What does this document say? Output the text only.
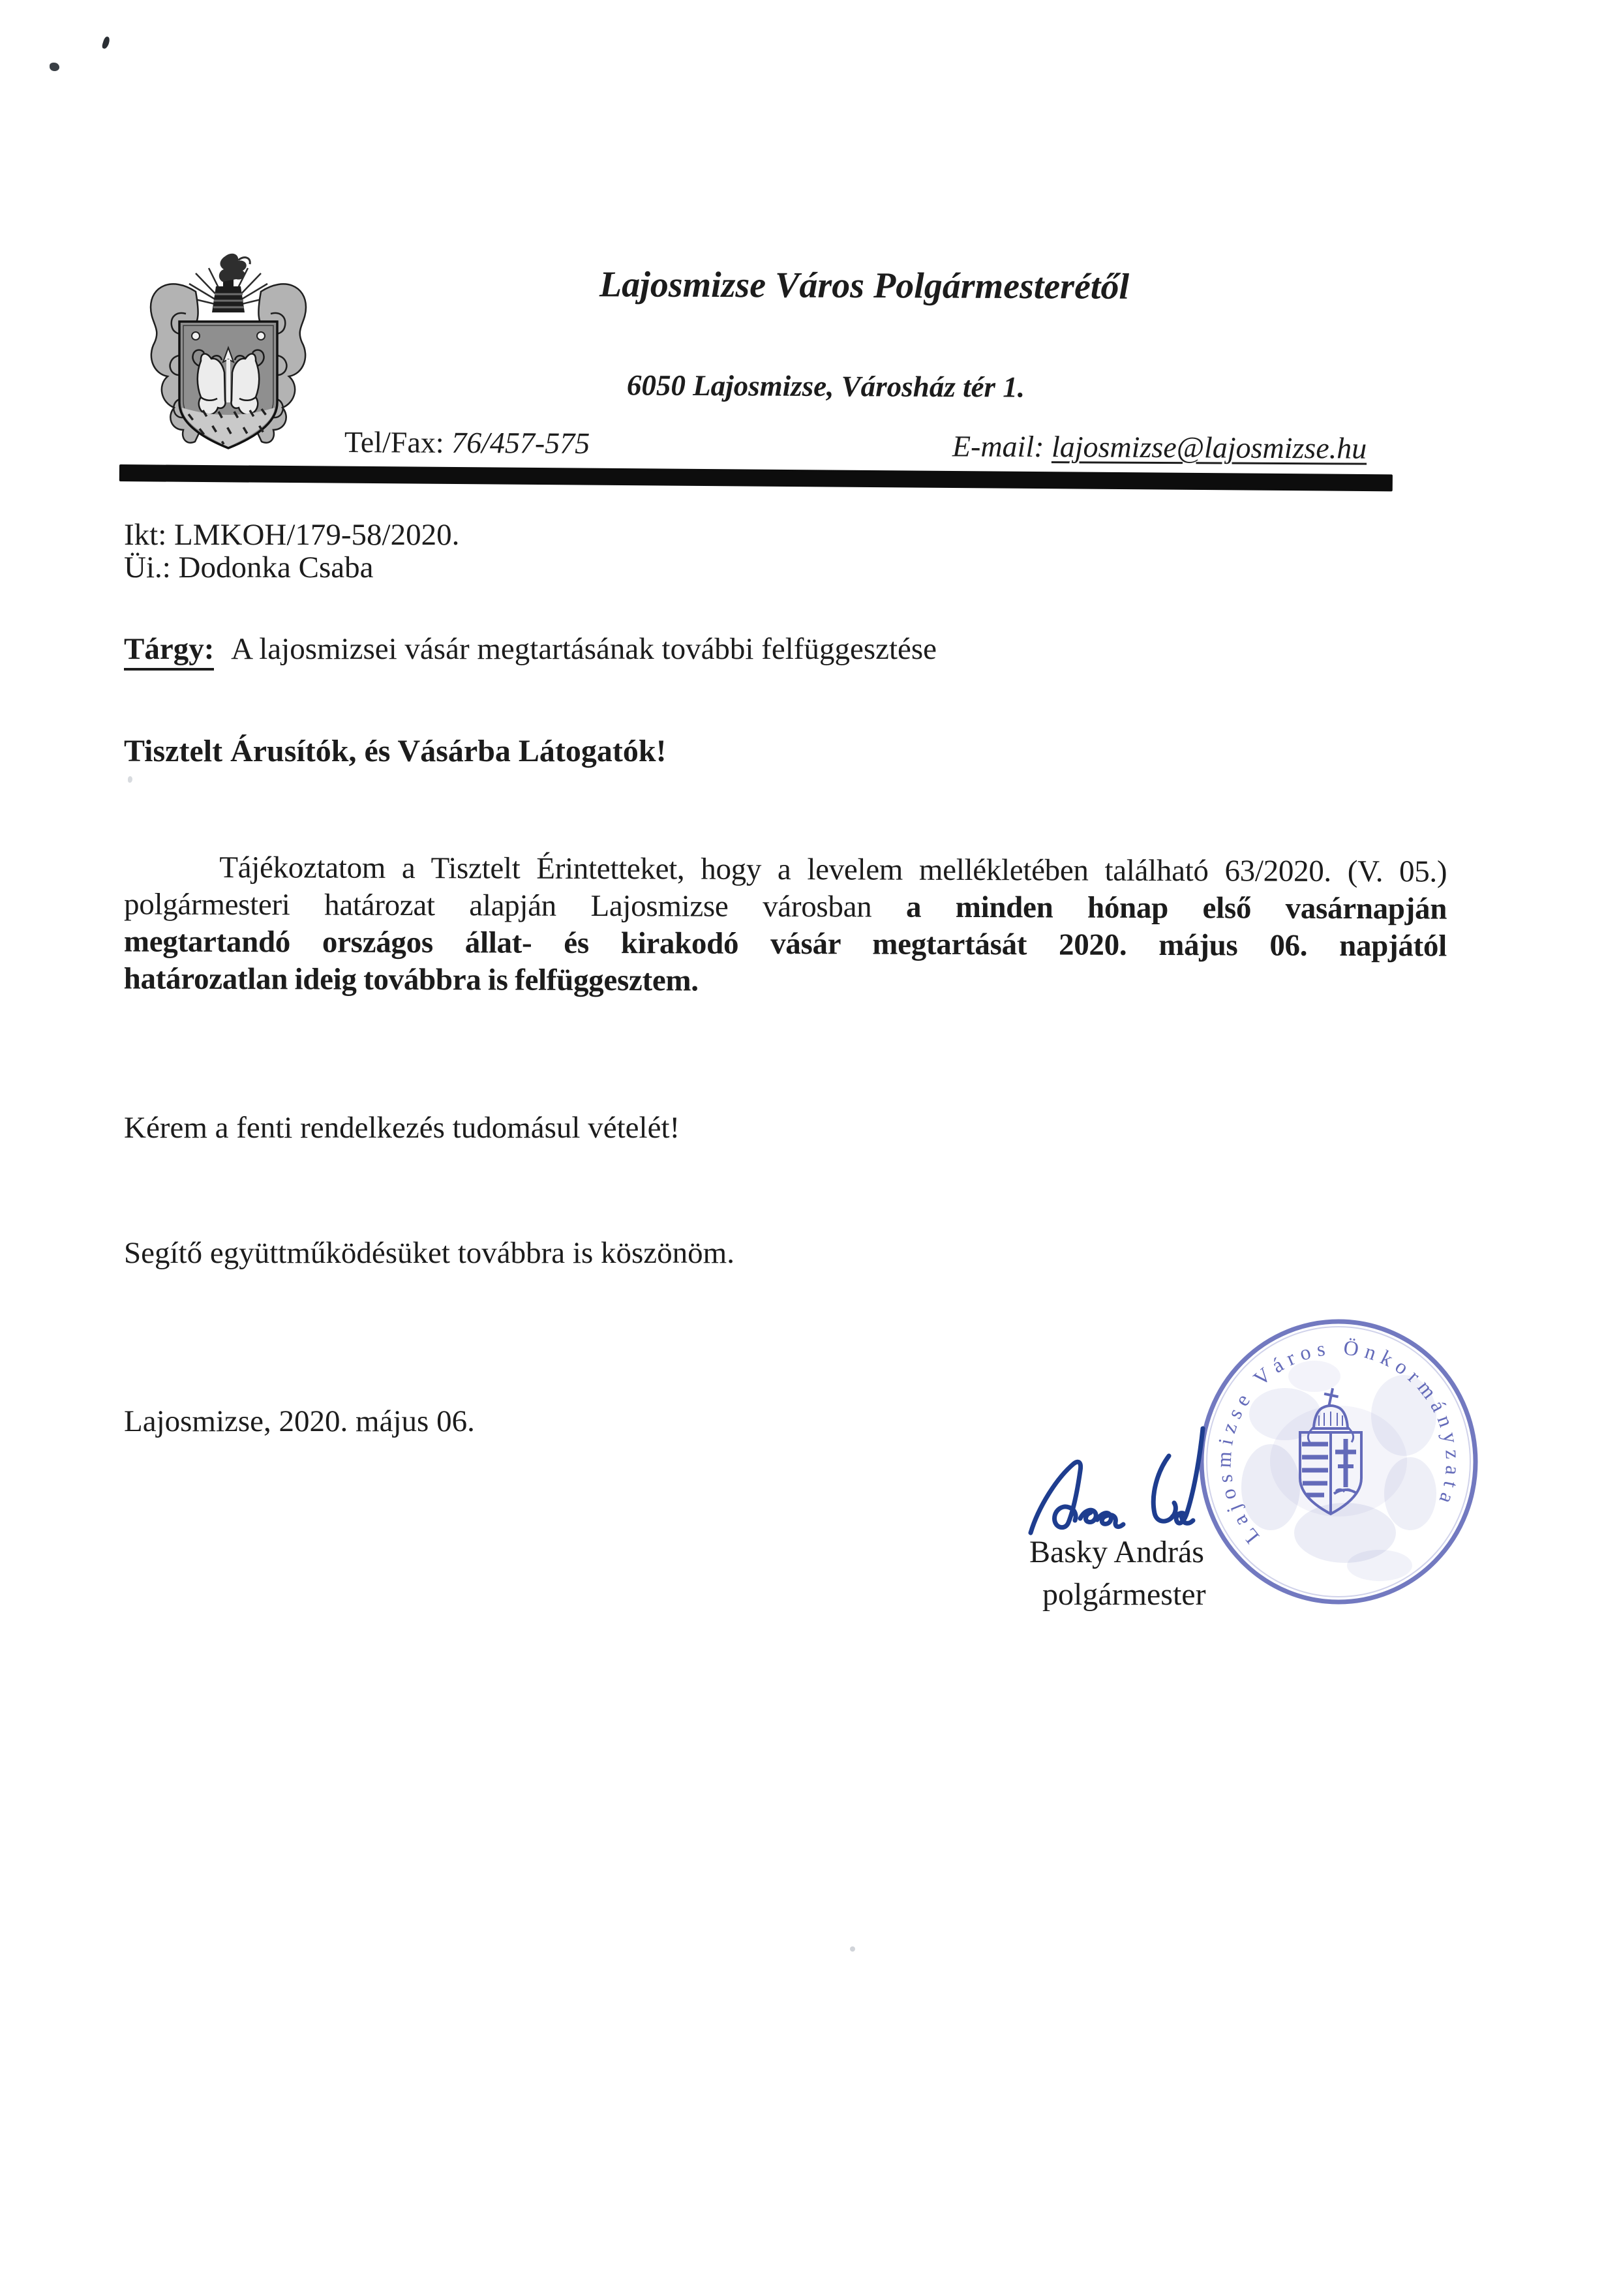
Lajosmizse Város Polgármesterétől
6050 Lajosmizse, Városház tér 1.
Tel/Fax: 76/457-575	E-mail: lajosmizse@lajosmizse.hu
Ikt: LMKOH/179-58/2020.
Üi.: Dodonka Csaba
Tárgy: A lajosmizsei vásár megtartásának további felfüggesztése
Tisztelt Árusítók, és Vásárba Látogatók!
Tájékoztatom a Tisztelt Érintetteket, hogy a levelem mellékletében található 63/2020. (V. 05.)
polgármesteri határozat alapján Lajosmizse városban a minden hónap első vasárnapján
megtartandó országos állat- és kirakodó vásár megtartását 2020. május 06. napjától
határozatlan ideig továbbra is felfüggesztem.
Kérem a fenti rendelkezés tudomásul vételét!
Segítő együttműködésüket továbbra is köszönöm.
Lajosmizse, 2020. május 06.
Lajosmizse Város Önkormányzata
Basky András
polgármester
